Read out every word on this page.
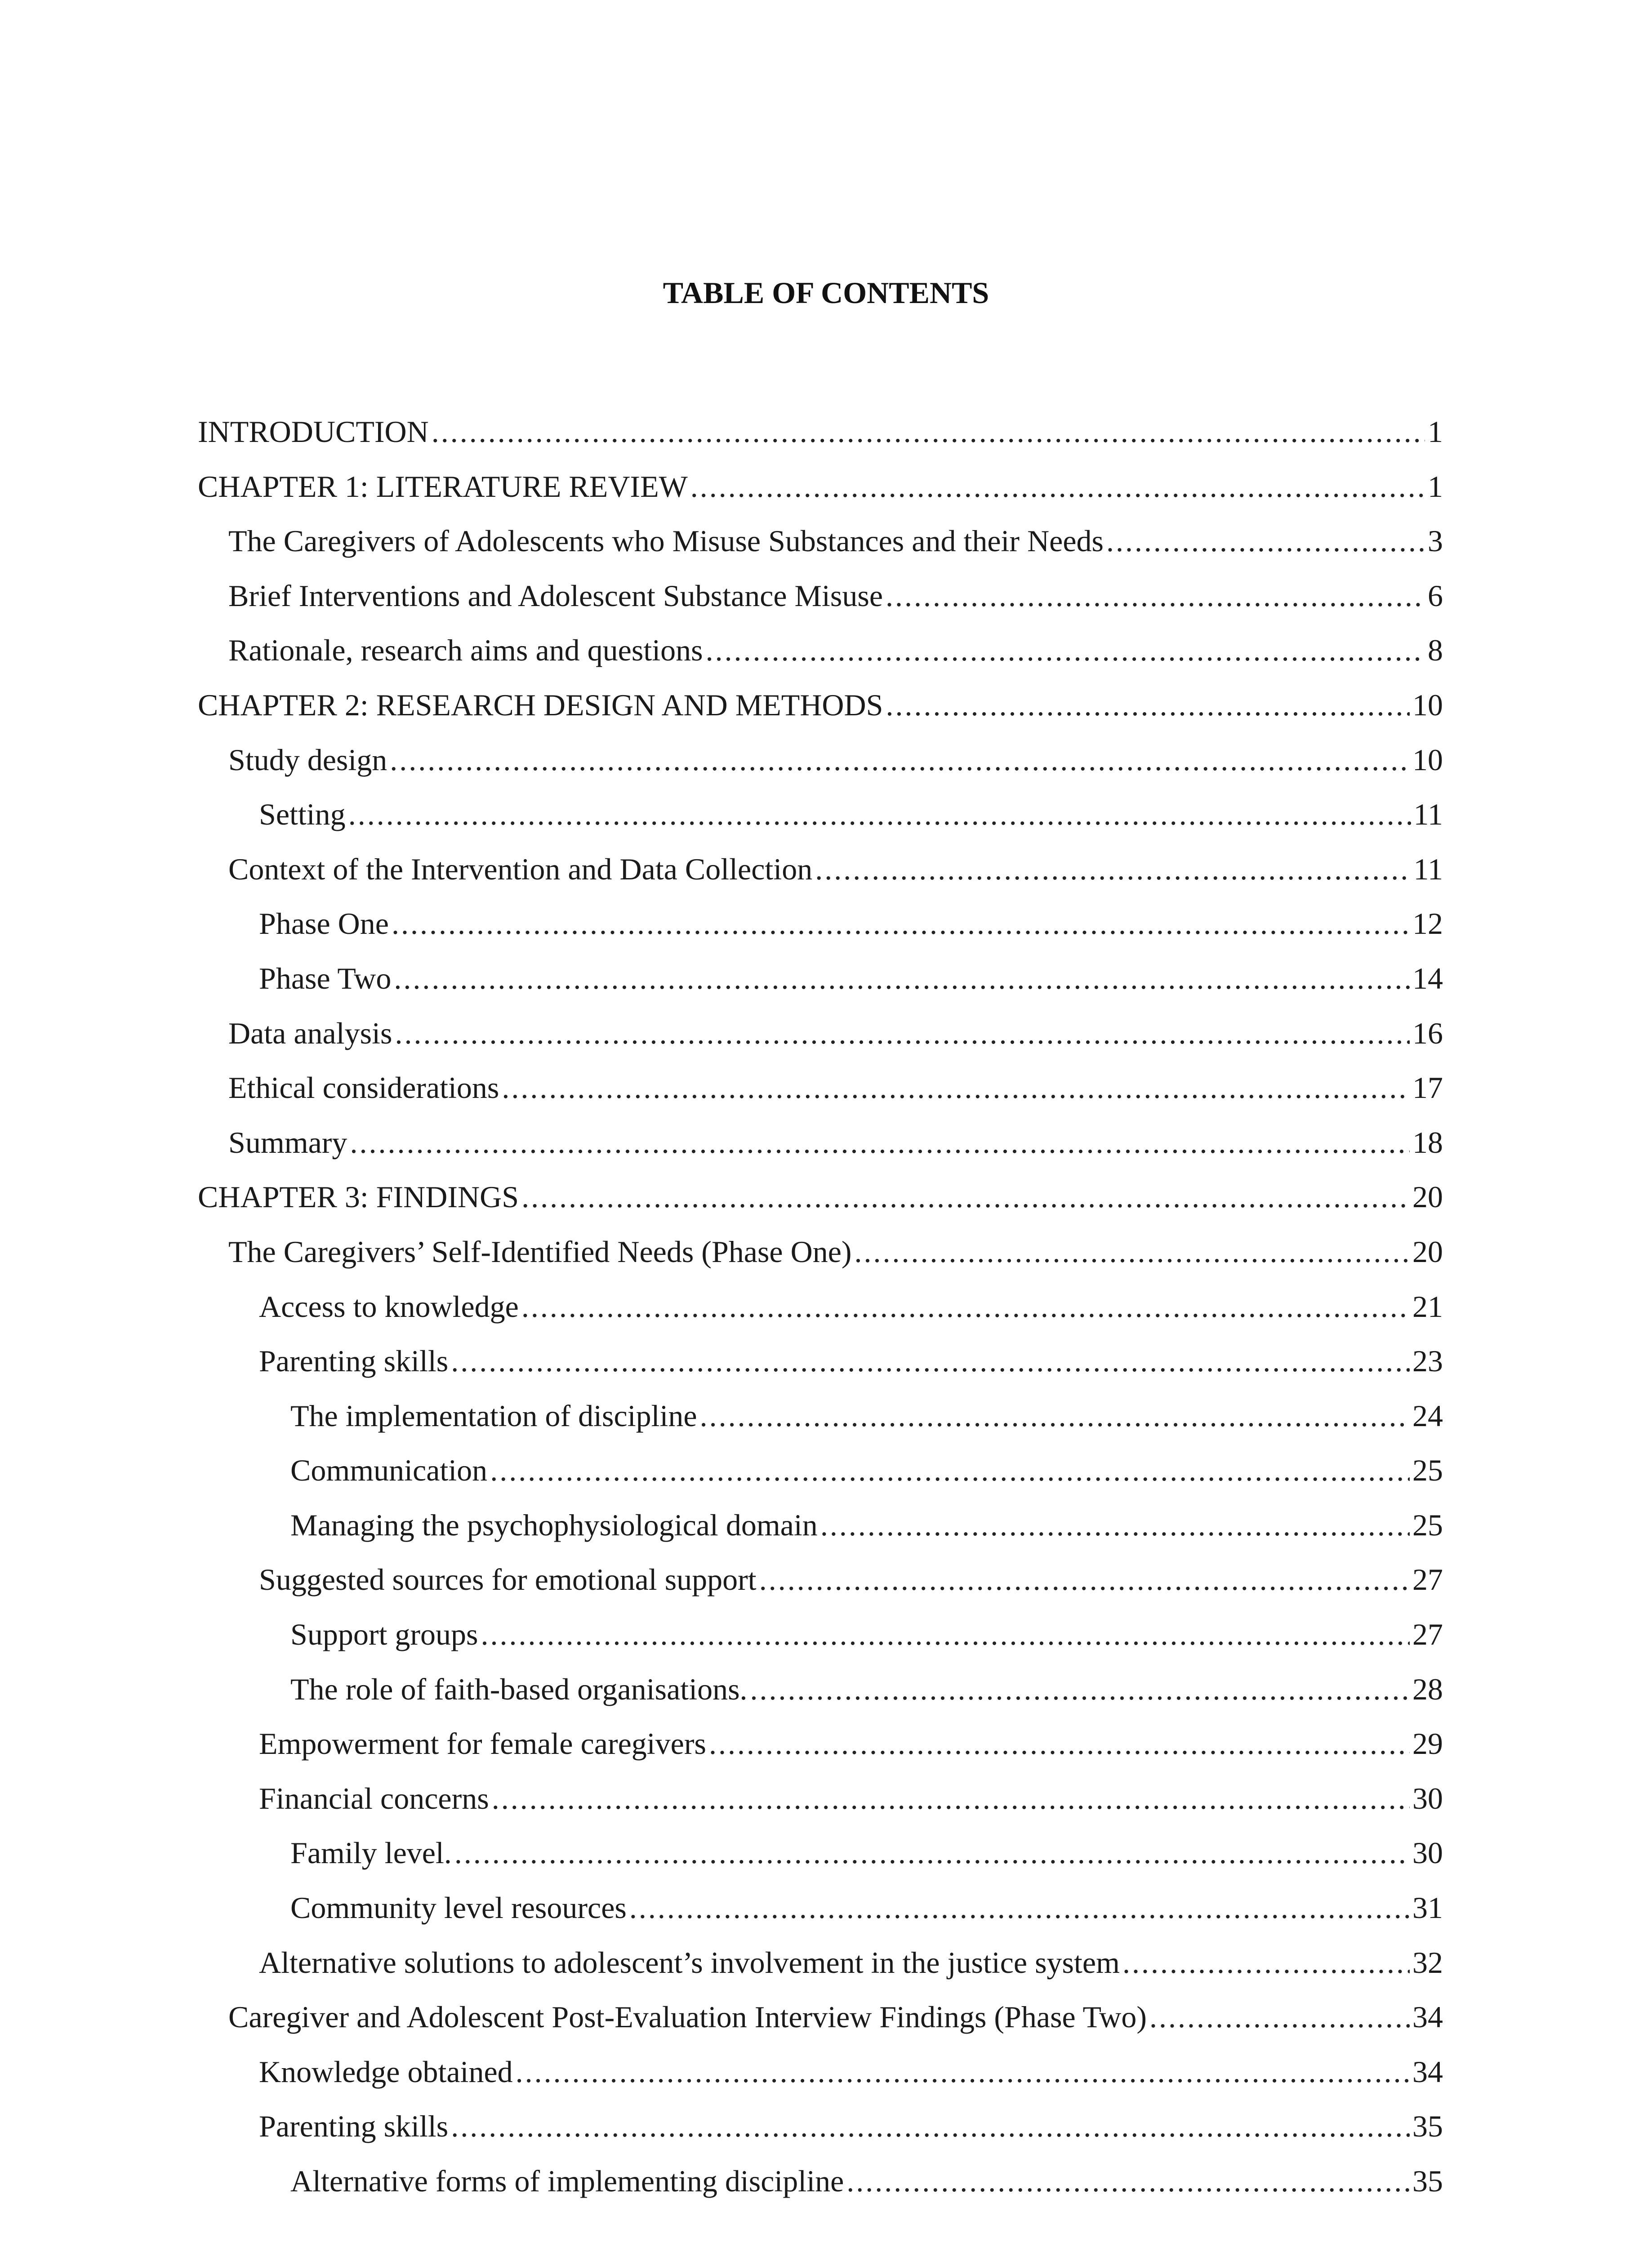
TABLE OF CONTENTS
INTRODUCTION .....	1
CHAPTER 1: LITERATURE REVIEW .....	1
The Caregivers of Adolescents who Misuse Substances and their Needs .....	3
Brief Interventions and Adolescent Substance Misuse .....	6
Rationale, research aims and questions .....	8
CHAPTER 2: RESEARCH DESIGN AND METHODS .....	10
Study design .....	10
Setting .....	11
Context of the Intervention and Data Collection .....	11
Phase One .....	12
Phase Two .....	14
Data analysis .....	16
Ethical considerations .....	17
Summary .....	18
CHAPTER 3: FINDINGS .....	20
The Caregivers’ Self-Identified Needs (Phase One) .....	20
Access to knowledge .....	21
Parenting skills .....	23
The implementation of discipline .....	24
Communication .....	25
Managing the psychophysiological domain .....	25
Suggested sources for emotional support .....	27
Support groups .....	27
The role of faith-based organisations. .....	28
Empowerment for female caregivers .....	29
Financial concerns .....	30
Family level. .....	30
Community level resources .....	31
Alternative solutions to adolescent’s involvement in the justice system .....	32
Caregiver and Adolescent Post-Evaluation Interview Findings (Phase Two) .....	34
Knowledge obtained .....	34
Parenting skills .....	35
Alternative forms of implementing discipline .....	35
